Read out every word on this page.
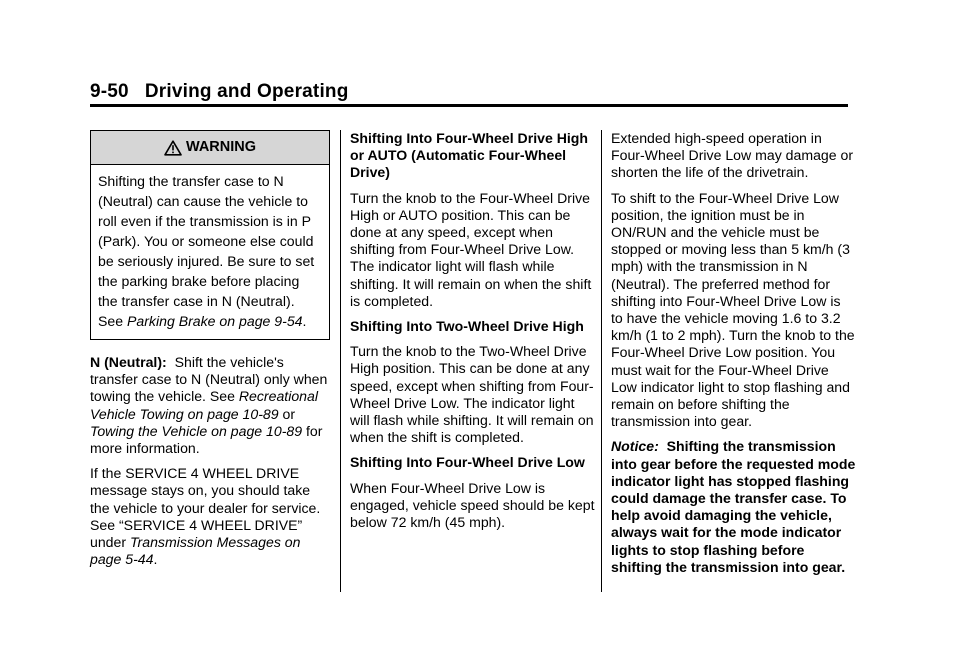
9-50 Driving and Operating
WARNING
Shifting the transfer case to N (Neutral) can cause the vehicle to roll even if the transmission is in P (Park). You or someone else could be seriously injured. Be sure to set the parking brake before placing the transfer case in N (Neutral). See Parking Brake on page 9-54.

N (Neutral): Shift the vehicle's transfer case to N (Neutral) only when towing the vehicle. See Recreational Vehicle Towing on page 10-89 or Towing the Vehicle on page 10-89 for more information.

If the SERVICE 4 WHEEL DRIVE message stays on, you should take the vehicle to your dealer for service. See “SERVICE 4 WHEEL DRIVE” under Transmission Messages on page 5-44.

Shifting Into Four-Wheel Drive High or AUTO (Automatic Four-Wheel Drive)

Turn the knob to the Four-Wheel Drive High or AUTO position. This can be done at any speed, except when shifting from Four-Wheel Drive Low. The indicator light will flash while shifting. It will remain on when the shift is completed.

Shifting Into Two-Wheel Drive High

Turn the knob to the Two-Wheel Drive High position. This can be done at any speed, except when shifting from Four-Wheel Drive Low. The indicator light will flash while shifting. It will remain on when the shift is completed.

Shifting Into Four-Wheel Drive Low

When Four-Wheel Drive Low is engaged, vehicle speed should be kept below 72 km/h (45 mph).

Extended high-speed operation in Four-Wheel Drive Low may damage or shorten the life of the drivetrain.

To shift to the Four-Wheel Drive Low position, the ignition must be in ON/RUN and the vehicle must be stopped or moving less than 5 km/h (3 mph) with the transmission in N (Neutral). The preferred method for shifting into Four-Wheel Drive Low is to have the vehicle moving 1.6 to 3.2 km/h (1 to 2 mph). Turn the knob to the Four-Wheel Drive Low position. You must wait for the Four-Wheel Drive Low indicator light to stop flashing and remain on before shifting the transmission into gear.

Notice: Shifting the transmission into gear before the requested mode indicator light has stopped flashing could damage the transfer case. To help avoid damaging the vehicle, always wait for the mode indicator lights to stop flashing before shifting the transmission into gear.
